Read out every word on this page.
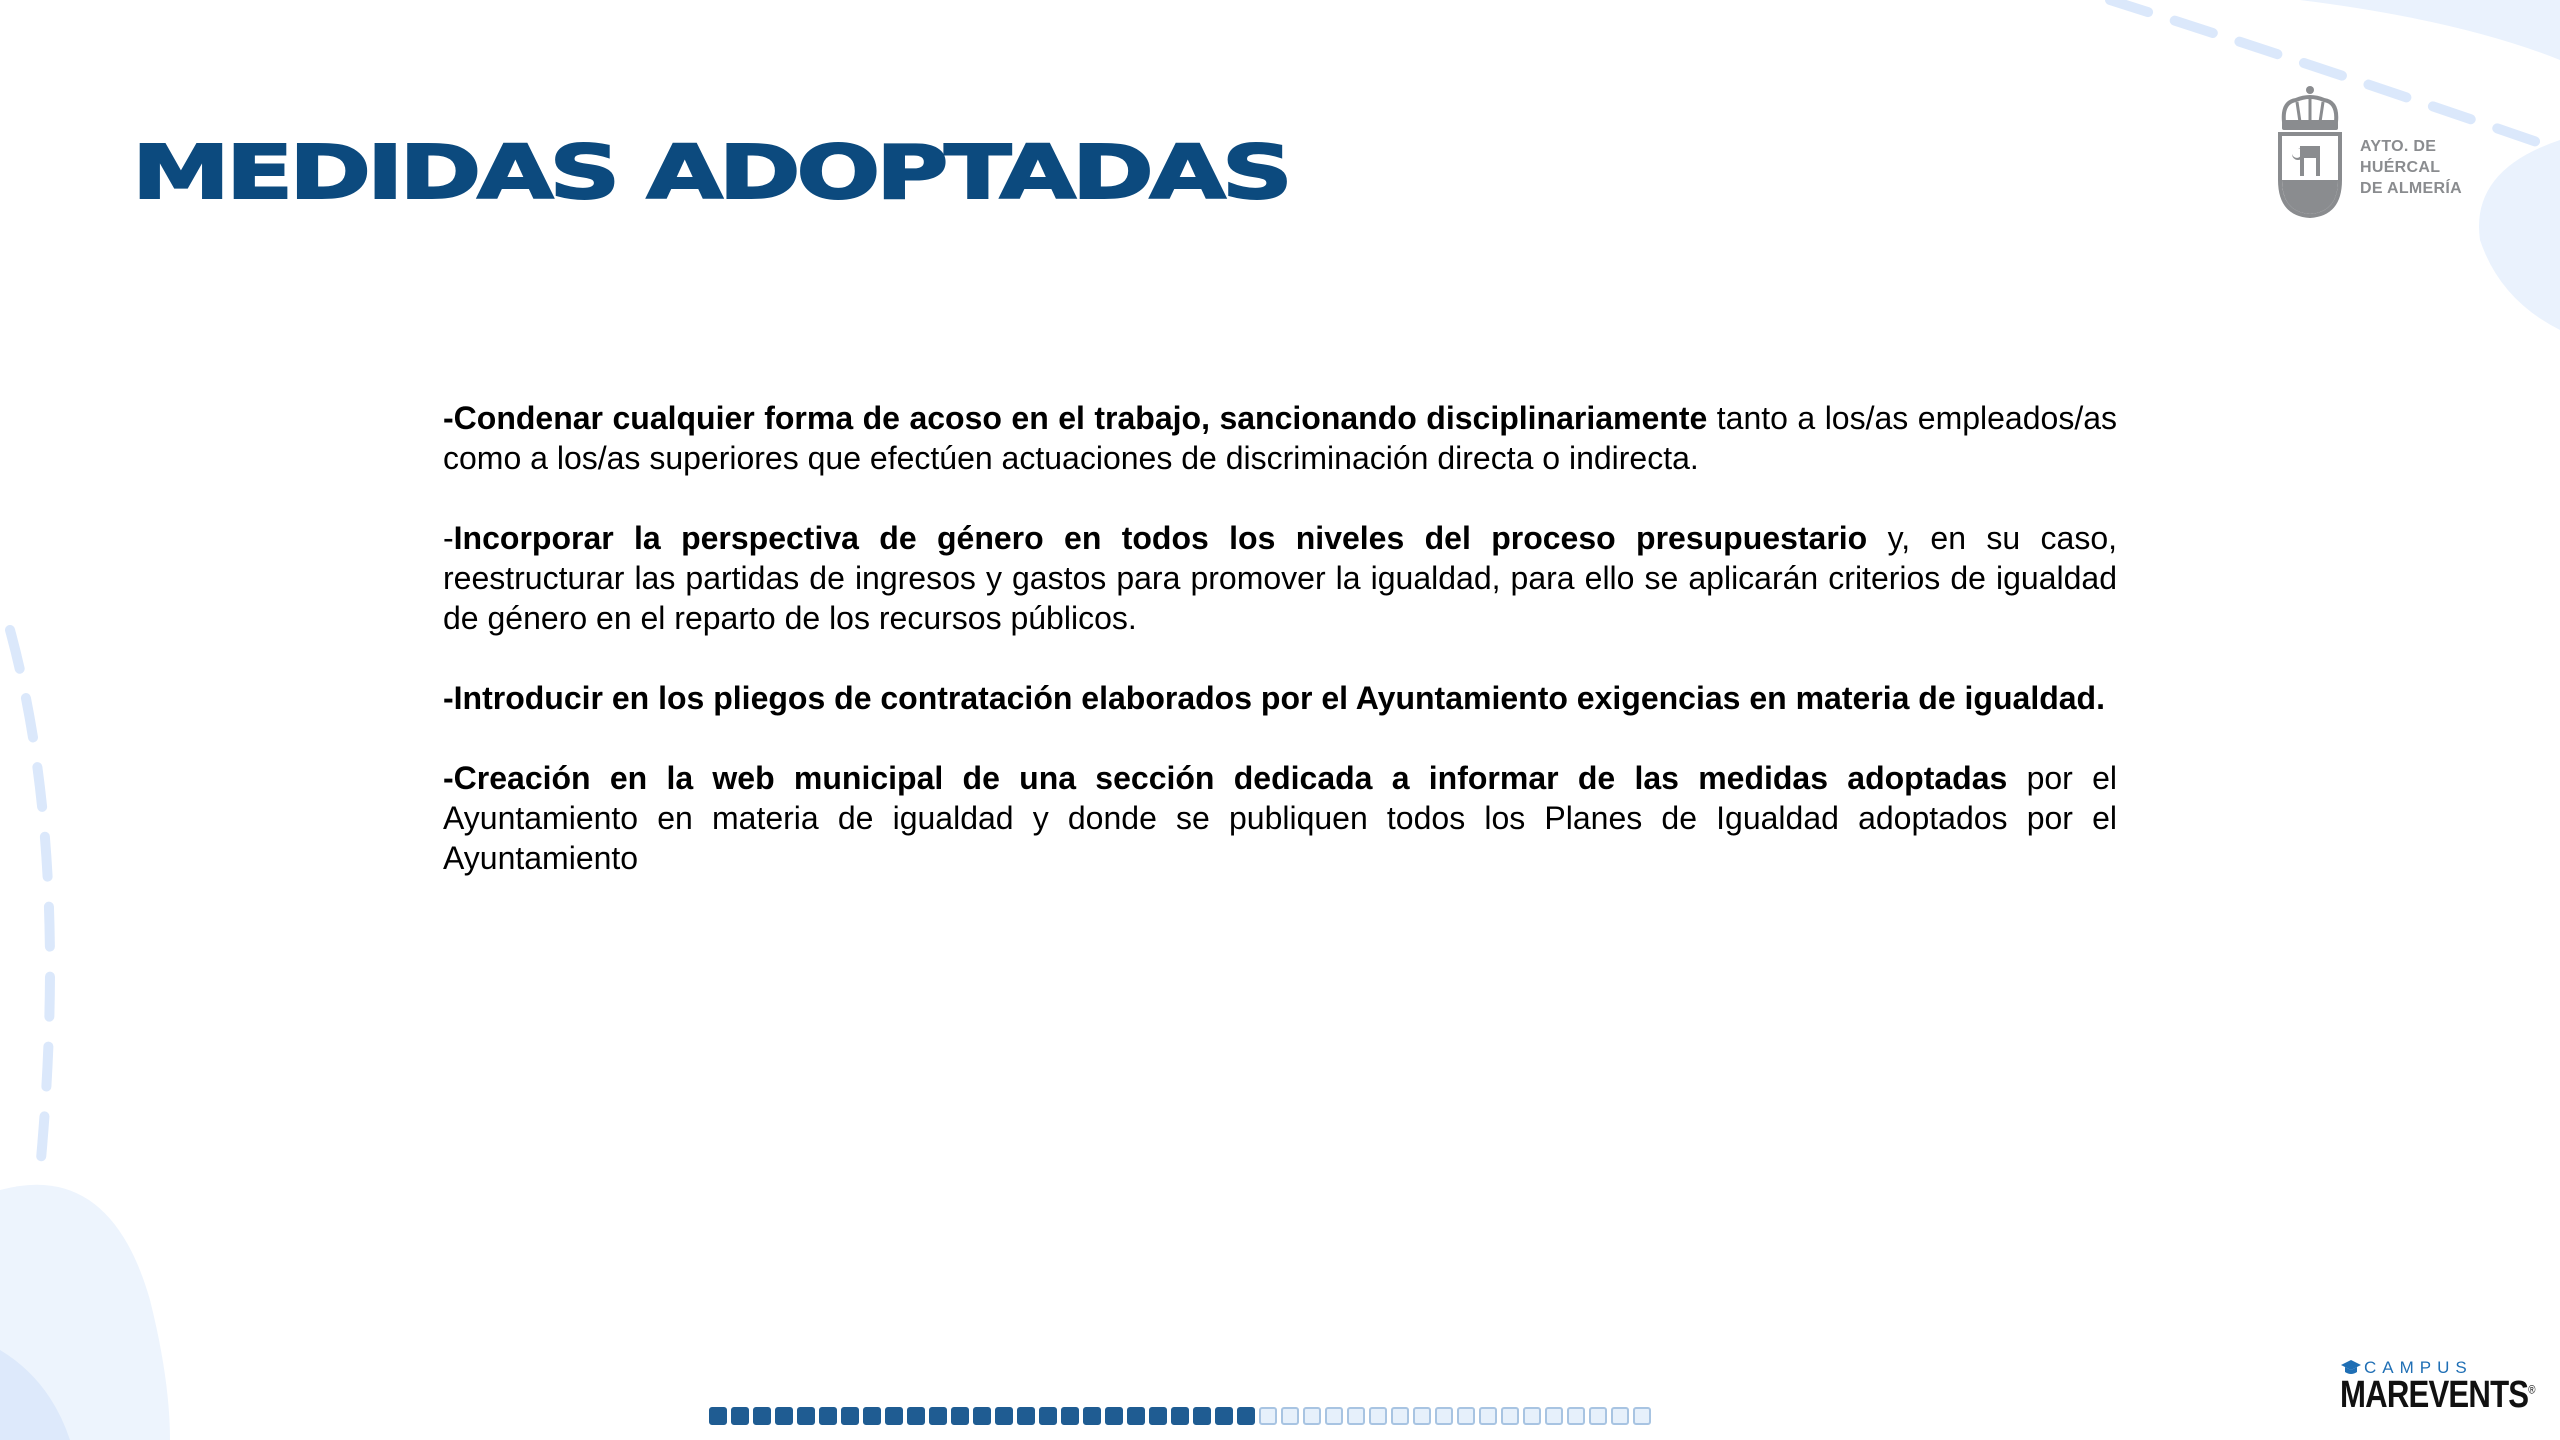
MEDIDAS ADOPTADAS	AYTO. DE
HUÉRCAL
DE ALMERÍA

-Condenar cualquier forma de acoso en el trabajo, sancionando disciplinariamente tanto a los/as empleados/as como a los/as superiores que efectúen actuaciones de discriminación directa o indirecta.

-Incorporar la perspectiva de género en todos los niveles del proceso presupuestario y, en su caso, reestructurar las partidas de ingresos y gastos para promover la igualdad, para ello se aplicarán criterios de igualdad de género en el reparto de los recursos públicos.

-Introducir en los pliegos de contratación elaborados por el Ayuntamiento exigencias en materia de igualdad.

-Creación en la web municipal de una sección dedicada a informar de las medidas adoptadas por el Ayuntamiento en materia de igualdad y donde se publiquen todos los Planes de Igualdad adoptados por el Ayuntamiento

CAMPUS
MAREVENTS®
